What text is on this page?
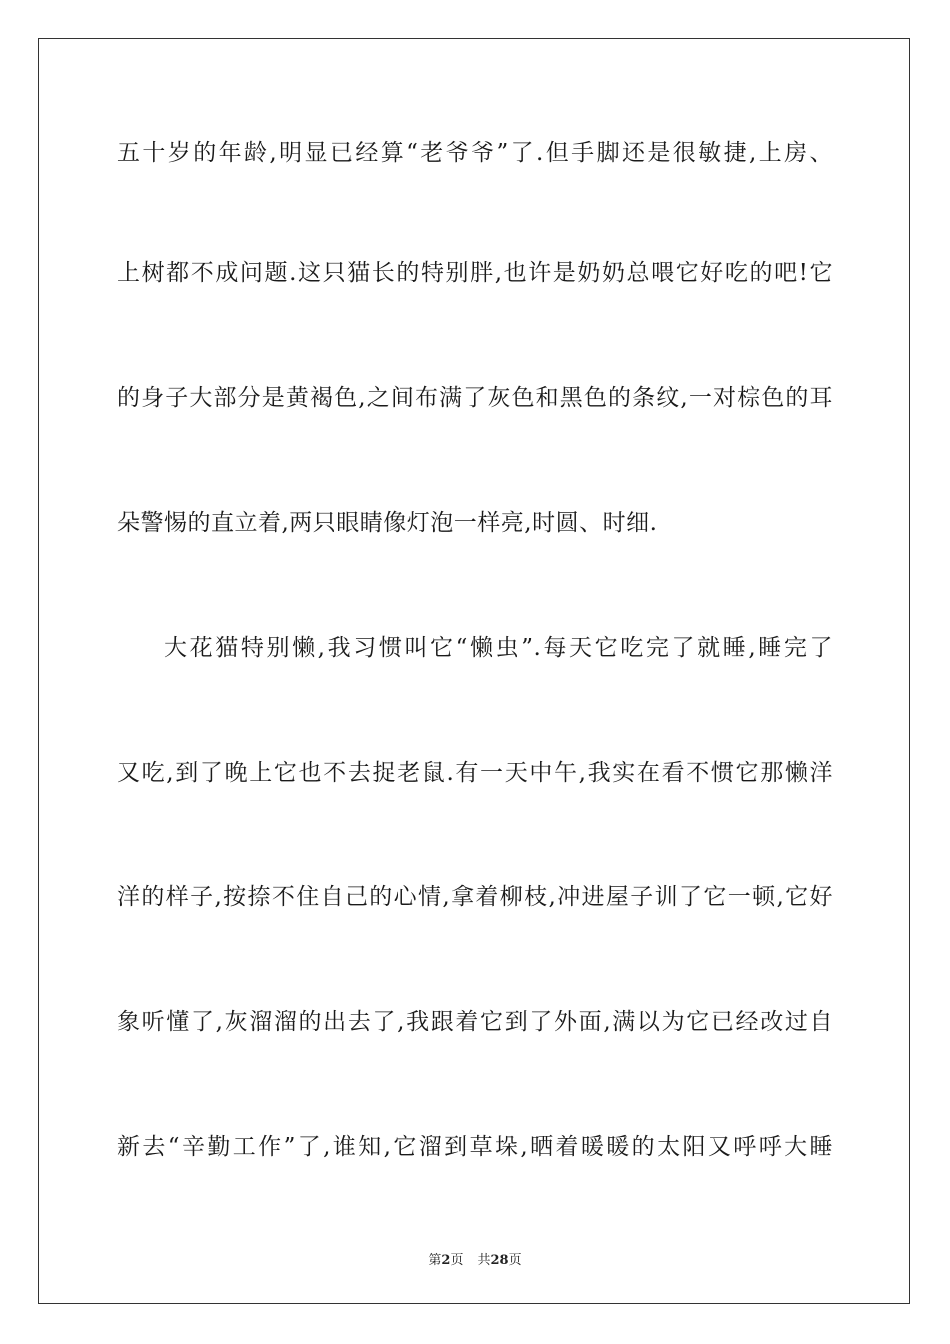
五十岁的年龄,明显已经算“老爷爷”了.但手脚还是很敏捷,上房、
上树都不成问题.这只猫长的特别胖,也许是奶奶总喂它好吃的吧!它
的身子大部分是黄褐色,之间布满了灰色和黑色的条纹,一对棕色的耳
朵警惕的直立着,两只眼睛像灯泡一样亮,时圆、时细.
大花猫特别懒,我习惯叫它“懒虫”.每天它吃完了就睡,睡完了
又吃,到了晚上它也不去捉老鼠.有一天中午,我实在看不惯它那懒洋
洋的样子,按捺不住自己的心情,拿着柳枝,冲进屋子训了它一顿,它好
象听懂了,灰溜溜的出去了,我跟着它到了外面,满以为它已经改过自
新去“辛勤工作”了,谁知,它溜到草垛,晒着暖暖的太阳又呼呼大睡
第2页 共28页
